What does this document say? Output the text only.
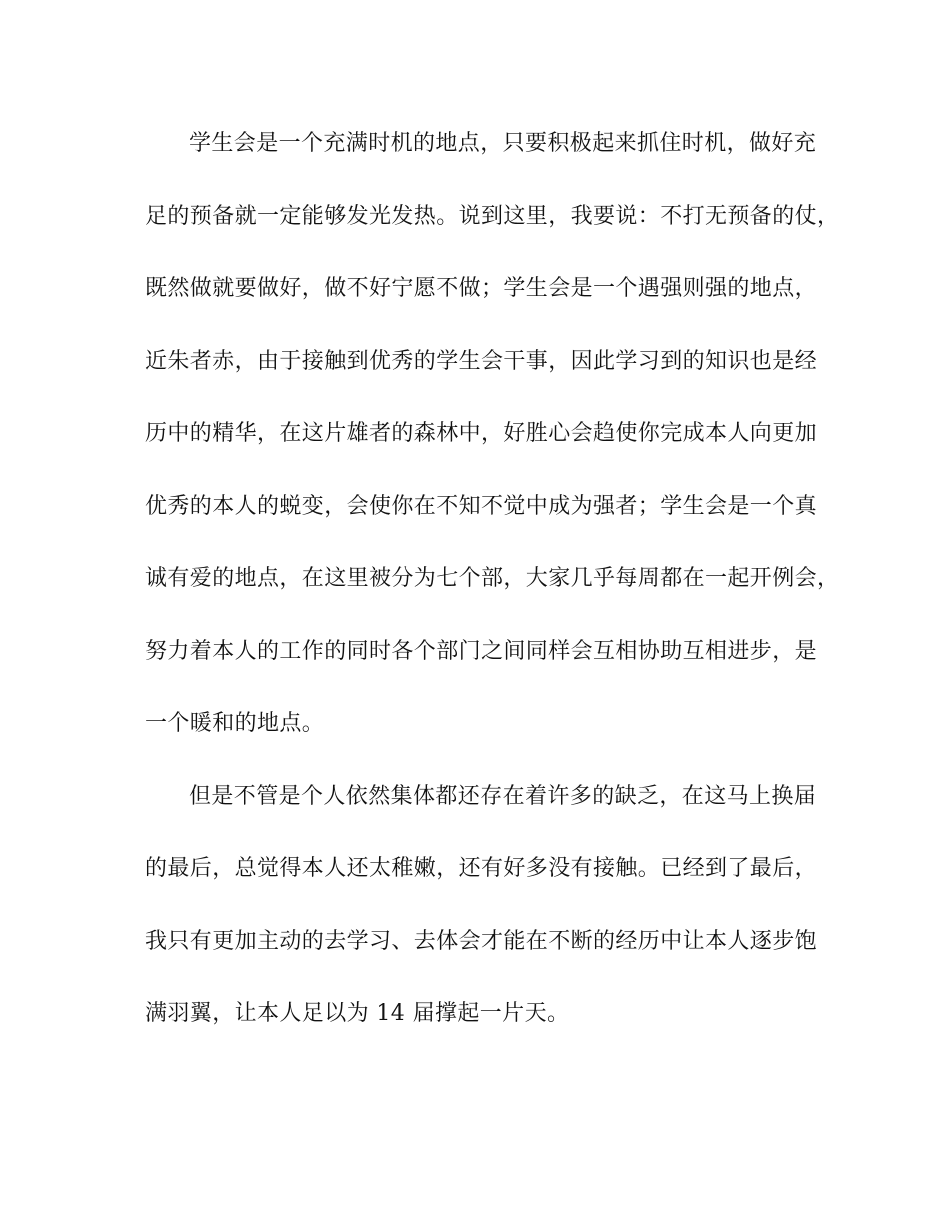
学生会是一个充满时机的地点，只要积极起来抓住时机，做好充
足的预备就一定能够发光发热。说到这里，我要说：不打无预备的仗，
既然做就要做好，做不好宁愿不做；学生会是一个遇强则强的地点，
近朱者赤，由于接触到优秀的学生会干事，因此学习到的知识也是经
历中的精华，在这片雄者的森林中，好胜心会趋使你完成本人向更加
优秀的本人的蜕变，会使你在不知不觉中成为强者；学生会是一个真
诚有爱的地点，在这里被分为七个部，大家几乎每周都在一起开例会，
努力着本人的工作的同时各个部门之间同样会互相协助互相进步，是
一个暖和的地点。
但是不管是个人依然集体都还存在着许多的缺乏，在这马上换届
的最后，总觉得本人还太稚嫩，还有好多没有接触。已经到了最后，
我只有更加主动的去学习、去体会才能在不断的经历中让本人逐步饱
满羽翼，让本人足以为 14 届撑起一片天。
